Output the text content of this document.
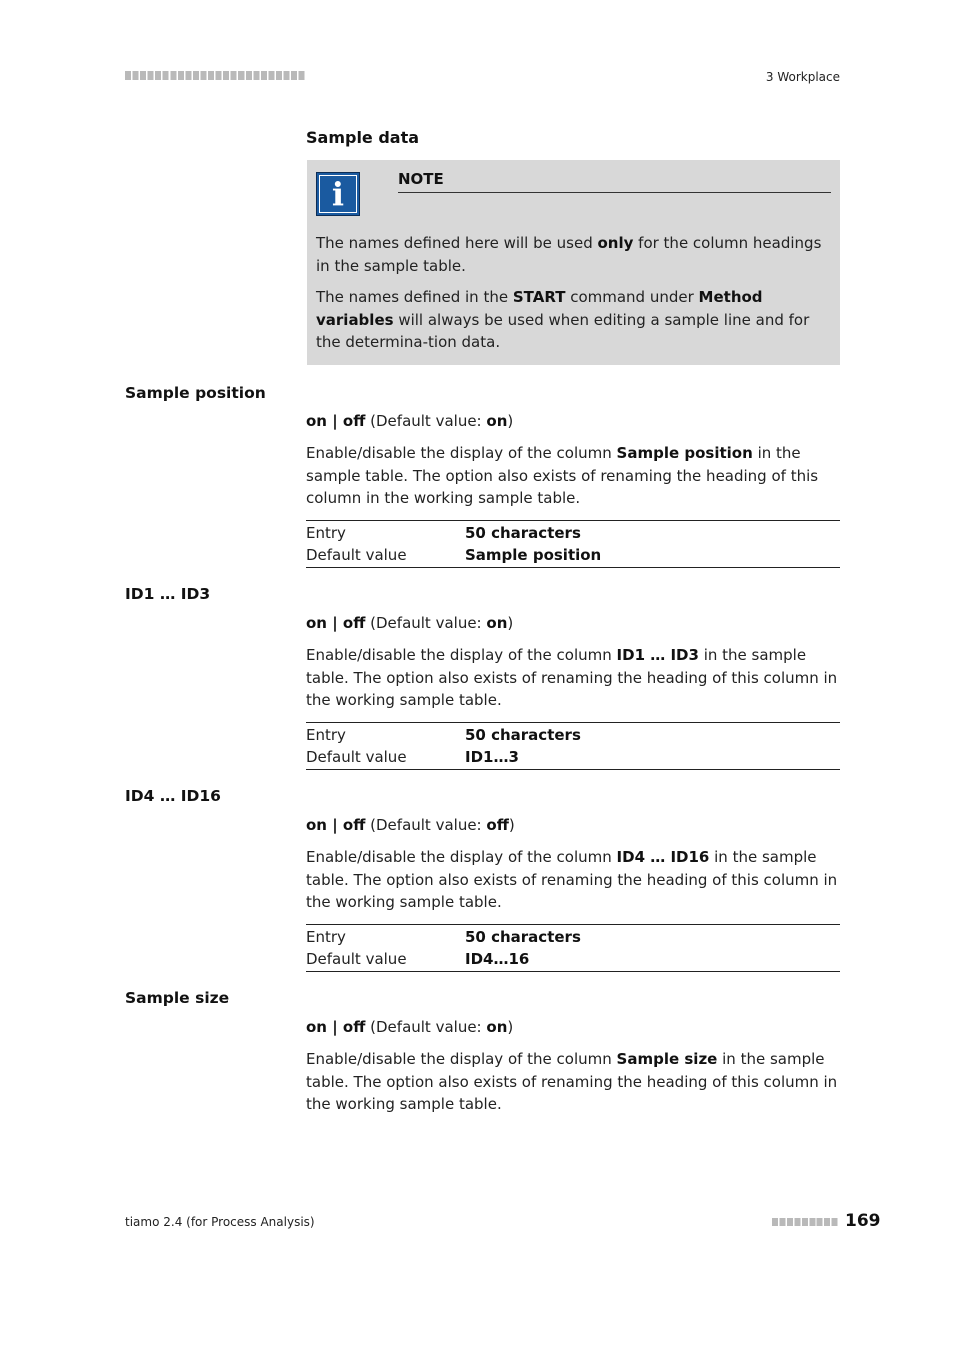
3 Workplace
Sample data
i	NOTE
The names defined here will be used only for the column headings in the sample table.
The names defined in the START command under Method variables will always be used when editing a sample line and for the determina-tion data.
Sample position
on | off (Default value: on)
Enable/disable the display of the column Sample position in the sample table. The option also exists of renaming the heading of this column in the working sample table.
Entry	50 characters
Default value	Sample position
ID1 … ID3
on | off (Default value: on)
Enable/disable the display of the column ID1 … ID3 in the sample table. The option also exists of renaming the heading of this column in the working sample table.
Entry	50 characters
Default value	ID1…3
ID4 … ID16
on | off (Default value: off)
Enable/disable the display of the column ID4 … ID16 in the sample table. The option also exists of renaming the heading of this column in the working sample table.
Entry	50 characters
Default value	ID4…16
Sample size
on | off (Default value: on)
Enable/disable the display of the column Sample size in the sample table. The option also exists of renaming the heading of this column in the working sample table.
tiamo 2.4 (for Process Analysis)	169
